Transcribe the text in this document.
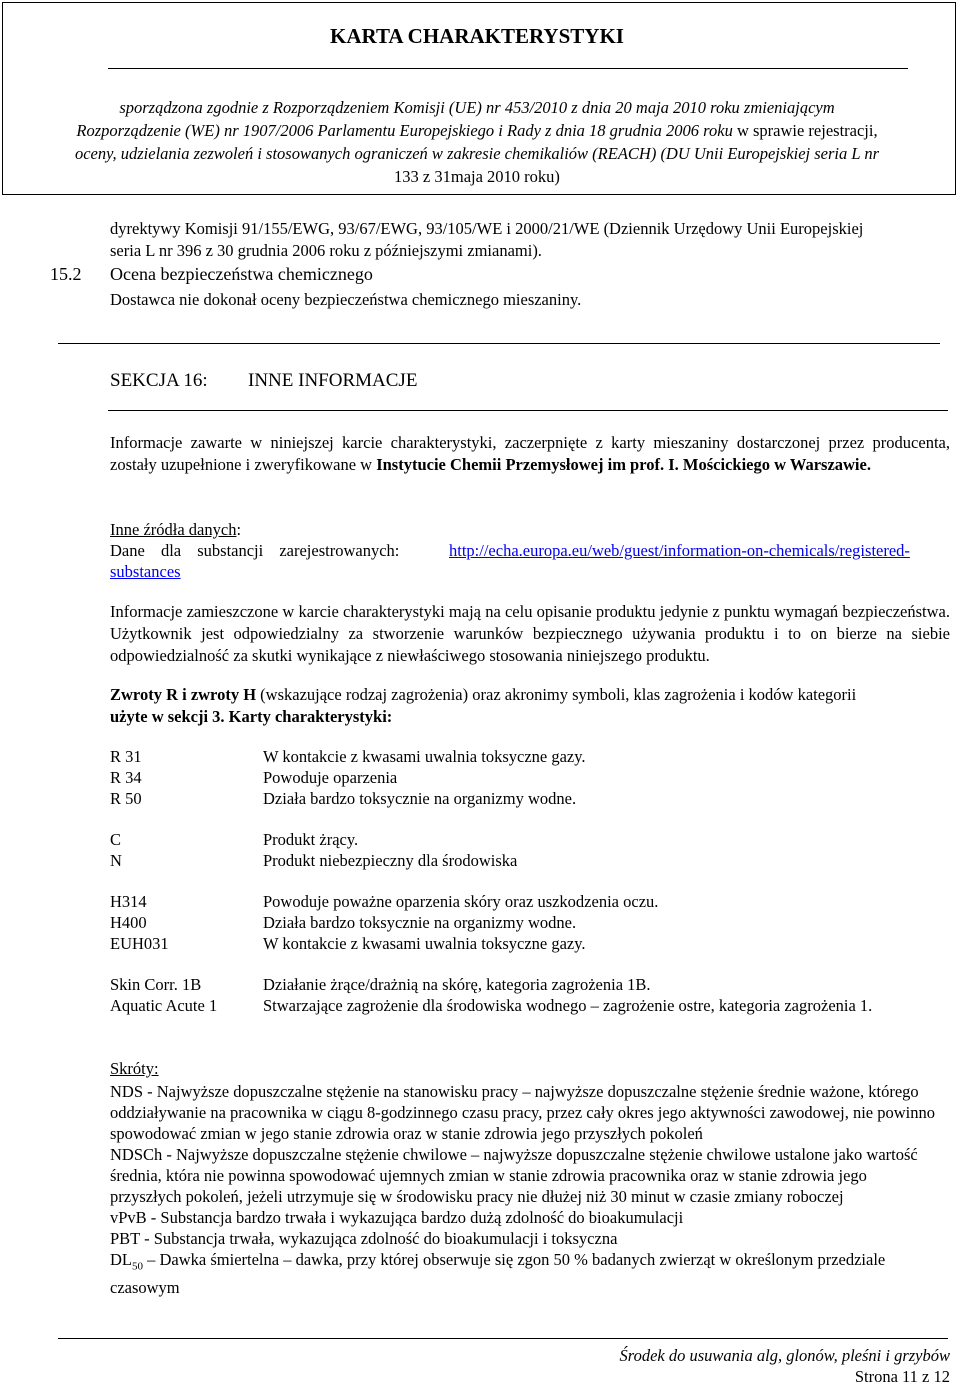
KARTA CHARAKTERYSTYKI
sporządzona zgodnie z Rozporządzeniem Komisji (UE) nr 453/2010 z dnia 20 maja 2010 roku zmieniającym
Rozporządzenie (WE) nr 1907/2006 Parlamentu Europejskiego i Rady z dnia 18 grudnia 2006 roku w sprawie rejestracji,
oceny, udzielania zezwoleń i stosowanych ograniczeń w zakresie chemikaliów (REACH) (DU Unii Europejskiej seria L nr
133 z 31maja 2010 roku)
dyrektywy Komisji 91/155/EWG, 93/67/EWG, 93/105/WE i 2000/21/WE (Dziennik Urzędowy Unii Europejskiej
seria L nr 396 z 30 grudnia 2006 roku z późniejszymi zmianami).
15.2 Ocena bezpieczeństwa chemicznego
Dostawca nie dokonał oceny bezpieczeństwa chemicznego mieszaniny.
SEKCJA 16: INNE INFORMACJE
Informacje zawarte w niniejszej karcie charakterystyki, zaczerpnięte z karty mieszaniny dostarczonej przez producenta, zostały uzupełnione i zweryfikowane w Instytucie Chemii Przemysłowej im prof. I. Mościckiego w Warszawie.
Inne źródła danych:
Dane dla substancji zarejestrowanych:	http://echa.europa.eu/web/guest/information-on-chemicals/registered-
substances
Informacje zamieszczone w karcie charakterystyki mają na celu opisanie produktu jedynie z punktu wymagań bezpieczeństwa. Użytkownik jest odpowiedzialny za stworzenie warunków bezpiecznego używania produktu i to on bierze na siebie odpowiedzialność za skutki wynikające z niewłaściwego stosowania niniejszego produktu.
Zwroty R i zwroty H (wskazujące rodzaj zagrożenia) oraz akronimy symboli, klas zagrożenia i kodów kategorii
użyte w sekcji 3. Karty charakterystyki:
R 31	W kontakcie z kwasami uwalnia toksyczne gazy.
R 34	Powoduje oparzenia
R 50	Działa bardzo toksycznie na organizmy wodne.
C	Produkt żrący.
N	Produkt niebezpieczny dla środowiska
H314	Powoduje poważne oparzenia skóry oraz uszkodzenia oczu.
H400	Działa bardzo toksycznie na organizmy wodne.
EUH031	W kontakcie z kwasami uwalnia toksyczne gazy.
Skin Corr. 1B	Działanie żrące/drażnią na skórę, kategoria zagrożenia 1B.
Aquatic Acute 1	Stwarzające zagrożenie dla środowiska wodnego – zagrożenie ostre, kategoria zagrożenia 1.
Skróty:
NDS - Najwyższe dopuszczalne stężenie na stanowisku pracy – najwyższe dopuszczalne stężenie średnie ważone, którego oddziaływanie na pracownika w ciągu 8-godzinnego czasu pracy, przez cały okres jego aktywności zawodowej, nie powinno spowodować zmian w jego stanie zdrowia oraz w stanie zdrowia jego przyszłych pokoleń
NDSCh - Najwyższe dopuszczalne stężenie chwilowe – najwyższe dopuszczalne stężenie chwilowe ustalone jako wartość średnia, która nie powinna spowodować ujemnych zmian w stanie zdrowia pracownika oraz w stanie zdrowia jego przyszłych pokoleń, jeżeli utrzymuje się w środowisku pracy nie dłużej niż 30 minut w czasie zmiany roboczej
vPvB - Substancja bardzo trwała i wykazująca bardzo dużą zdolność do bioakumulacji
PBT - Substancja trwała, wykazująca zdolność do bioakumulacji i toksyczna
$DL_{50}$ – Dawka śmiertelna – dawka, przy której obserwuje się zgon 50 % badanych zwierząt w określonym przedziale czasowym
Środek do usuwania alg, glonów, pleśni i grzybów
Strona 11 z 12
